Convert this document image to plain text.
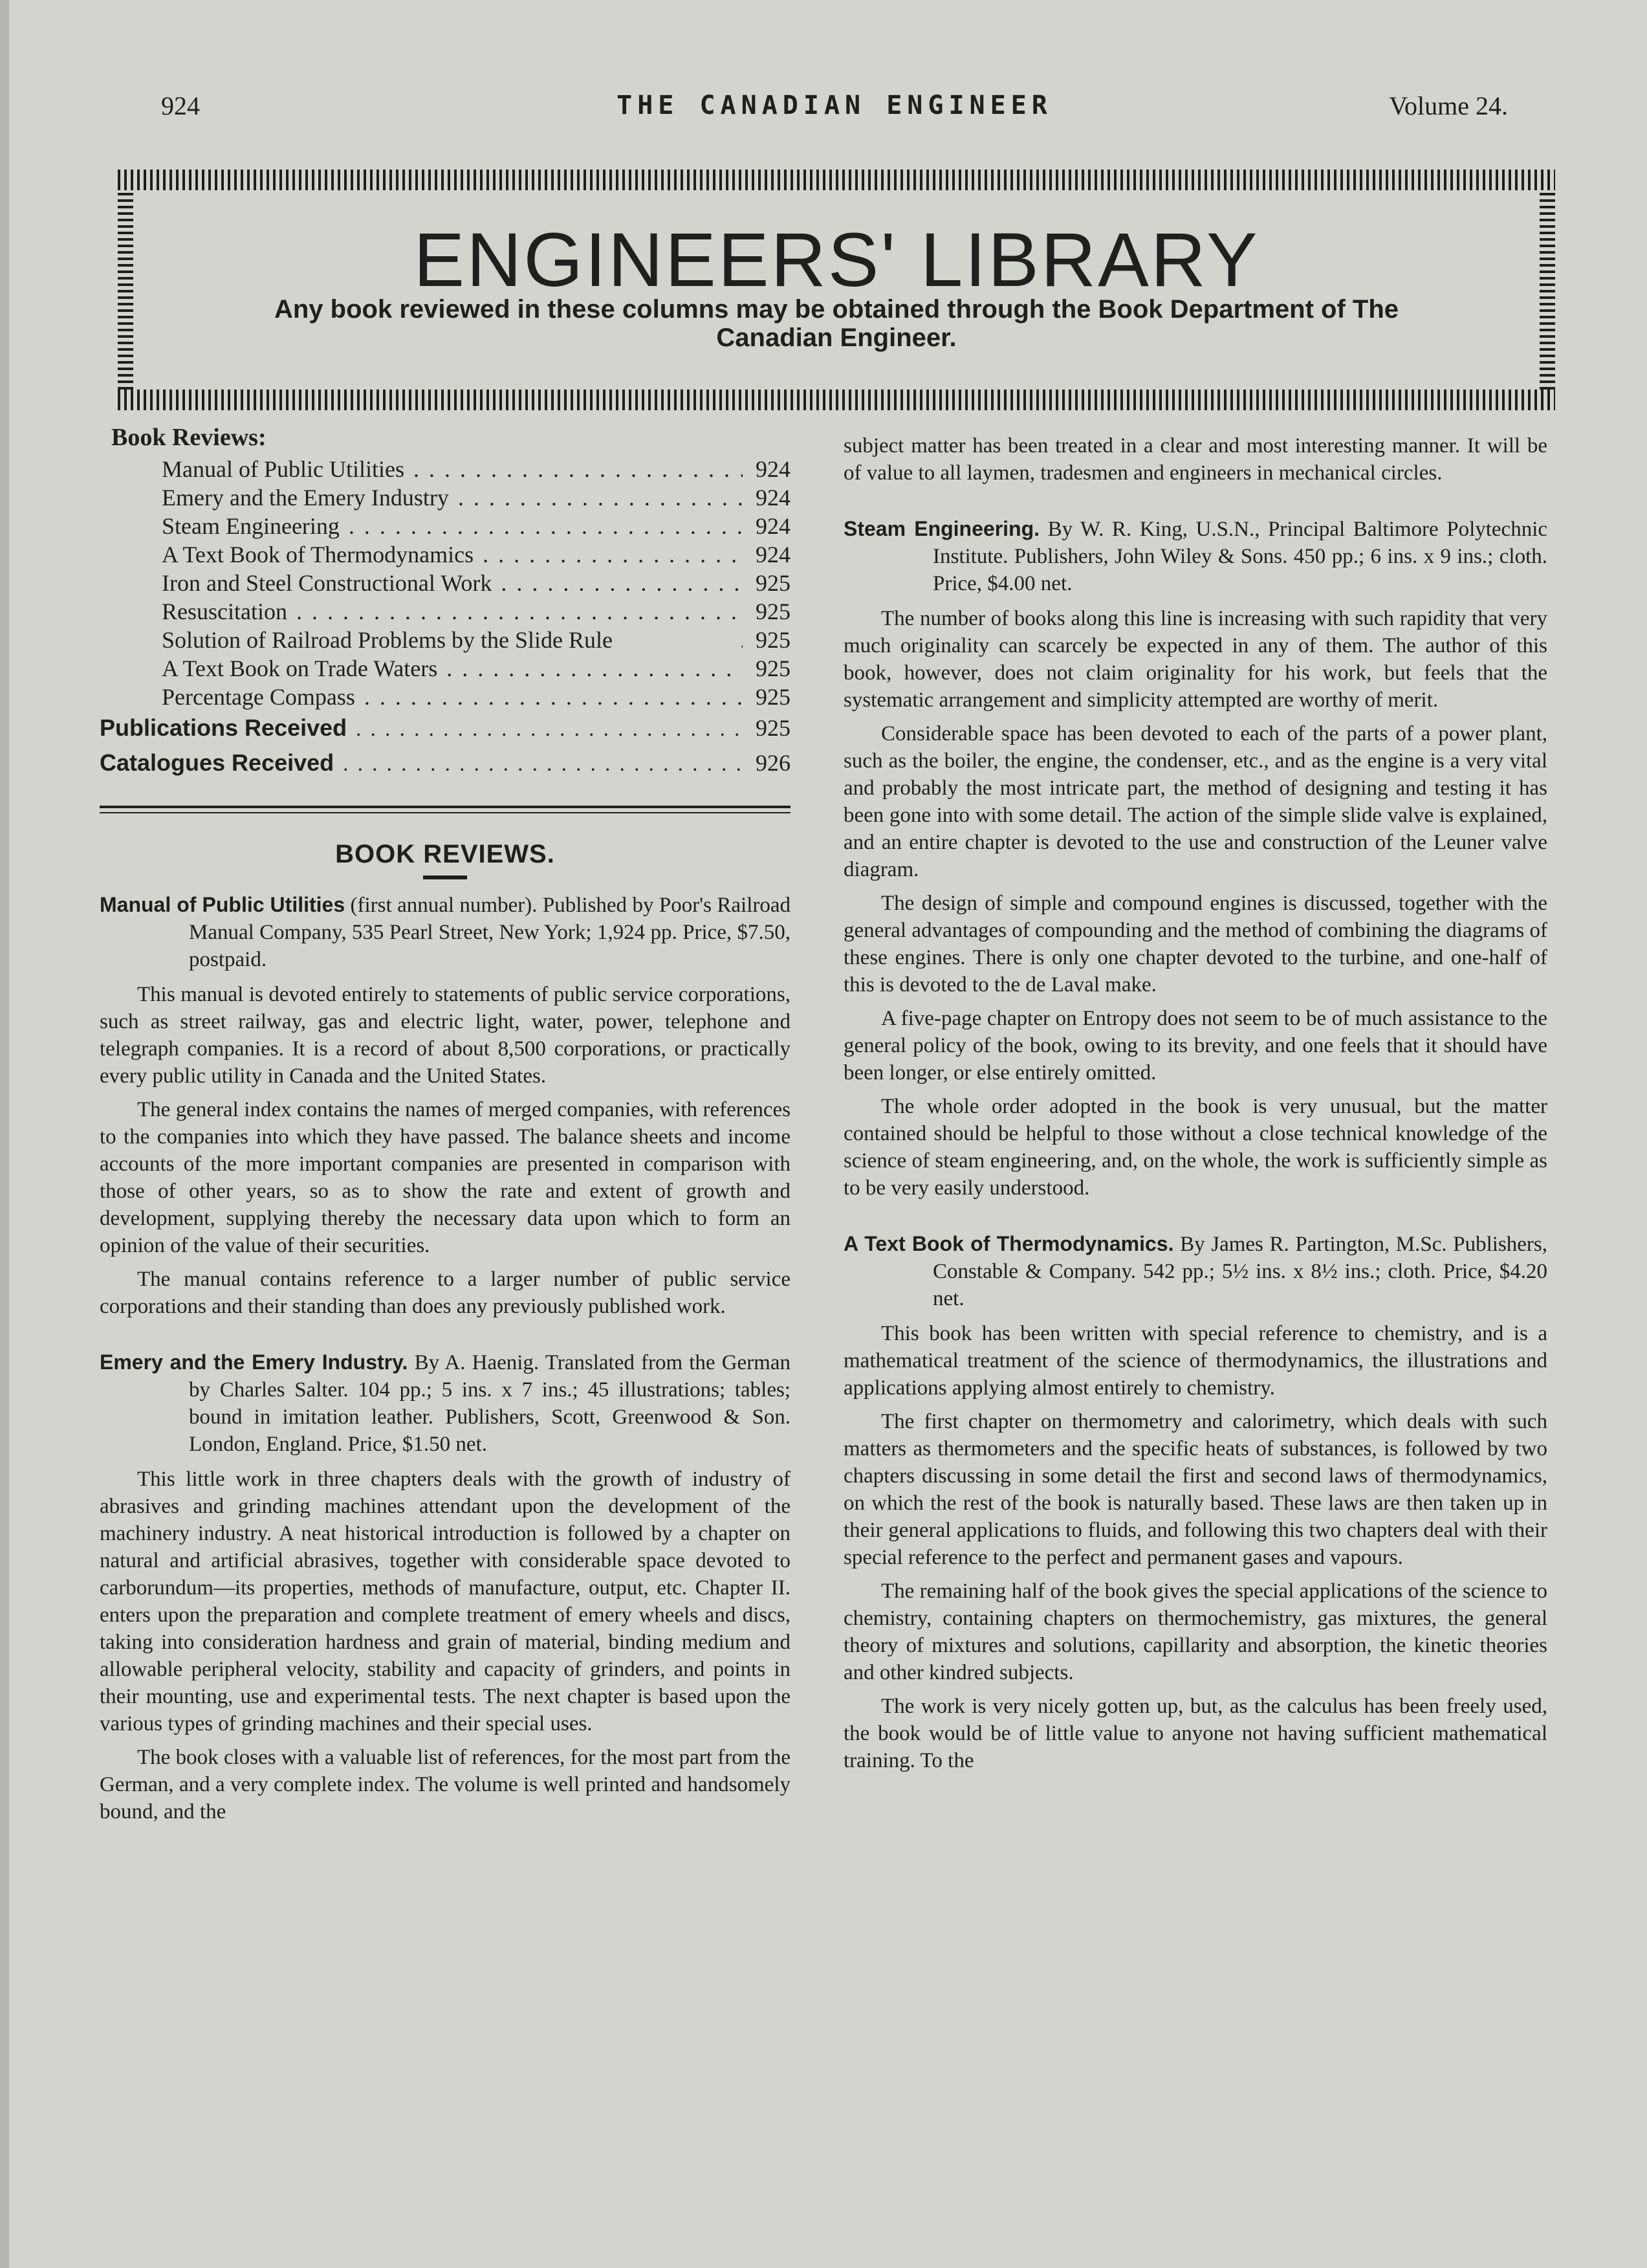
924	THE CANADIAN ENGINEER	Volume 24.
ENGINEERS' LIBRARY
Any book reviewed in these columns may be obtained through the Book Department of The Canadian Engineer.
Book Reviews:
Manual of Public Utilities . . .	924
Emery and the Emery Industry . . .	924
Steam Engineering . . .	924
A Text Book of Thermodynamics . . .	924
Iron and Steel Constructional Work . . .	925
Resuscitation . . .	925
Solution of Railroad Problems by the Slide Rule . . .	925
A Text Book on Trade Waters . . .	925
Percentage Compass . . .	925
Publications Received . . .	925
Catalogues Received . . .	926
BOOK REVIEWS.
Manual of Public Utilities (first annual number). Published by Poor's Railroad Manual Company, 535 Pearl Street, New York; 1,924 pp. Price, $7.50, postpaid.

This manual is devoted entirely to statements of public service corporations, such as street railway, gas and electric light, water, power, telephone and telegraph companies. It is a record of about 8,500 corporations, or practically every public utility in Canada and the United States.

The general index contains the names of merged companies, with references to the companies into which they have passed. The balance sheets and income accounts of the more important companies are presented in comparison with those of other years, so as to show the rate and extent of growth and development, supplying thereby the necessary data upon which to form an opinion of the value of their securities.

The manual contains reference to a larger number of public service corporations and their standing than does any previously published work.

Emery and the Emery Industry. By A. Haenig. Translated from the German by Charles Salter. 104 pp.; 5 ins. x 7 ins.; 45 illustrations; tables; bound in imitation leather. Publishers, Scott, Greenwood & Son. London, England. Price, $1.50 net.

This little work in three chapters deals with the growth of industry of abrasives and grinding machines attendant upon the development of the machinery industry. A neat historical introduction is followed by a chapter on natural and artificial abrasives, together with considerable space devoted to carborundum—its properties, methods of manufacture, output, etc. Chapter II. enters upon the preparation and complete treatment of emery wheels and discs, taking into consideration hardness and grain of material, binding medium and allowable peripheral velocity, stability and capacity of grinders, and points in their mounting, use and experimental tests. The next chapter is based upon the various types of grinding machines and their special uses.

The book closes with a valuable list of references, for the most part from the German, and a very complete index. The volume is well printed and handsomely bound, and the

subject matter has been treated in a clear and most interesting manner. It will be of value to all laymen, tradesmen and engineers in mechanical circles.

Steam Engineering. By W. R. King, U.S.N., Principal Baltimore Polytechnic Institute. Publishers, John Wiley & Sons. 450 pp.; 6 ins. x 9 ins.; cloth. Price, $4.00 net.

The number of books along this line is increasing with such rapidity that very much originality can scarcely be expected in any of them. The author of this book, however, does not claim originality for his work, but feels that the systematic arrangement and simplicity attempted are worthy of merit.

Considerable space has been devoted to each of the parts of a power plant, such as the boiler, the engine, the condenser, etc., and as the engine is a very vital and probably the most intricate part, the method of designing and testing it has been gone into with some detail. The action of the simple slide valve is explained, and an entire chapter is devoted to the use and construction of the Leuner valve diagram.

The design of simple and compound engines is discussed, together with the general advantages of compounding and the method of combining the diagrams of these engines. There is only one chapter devoted to the turbine, and one-half of this is devoted to the de Laval make.

A five-page chapter on Entropy does not seem to be of much assistance to the general policy of the book, owing to its brevity, and one feels that it should have been longer, or else entirely omitted.

The whole order adopted in the book is very unusual, but the matter contained should be helpful to those without a close technical knowledge of the science of steam engineering, and, on the whole, the work is sufficiently simple as to be very easily understood.

A Text Book of Thermodynamics. By James R. Partington, M.Sc. Publishers, Constable & Company. 542 pp.; 5½ ins. x 8½ ins.; cloth. Price, $4.20 net.

This book has been written with special reference to chemistry, and is a mathematical treatment of the science of thermodynamics, the illustrations and applications applying almost entirely to chemistry.

The first chapter on thermometry and calorimetry, which deals with such matters as thermometers and the specific heats of substances, is followed by two chapters discussing in some detail the first and second laws of thermodynamics, on which the rest of the book is naturally based. These laws are then taken up in their general applications to fluids, and following this two chapters deal with their special reference to the perfect and permanent gases and vapours.

The remaining half of the book gives the special applications of the science to chemistry, containing chapters on thermochemistry, gas mixtures, the general theory of mixtures and solutions, capillarity and absorption, the kinetic theories and other kindred subjects.

The work is very nicely gotten up, but, as the calculus has been freely used, the book would be of little value to anyone not having sufficient mathematical training. To the
